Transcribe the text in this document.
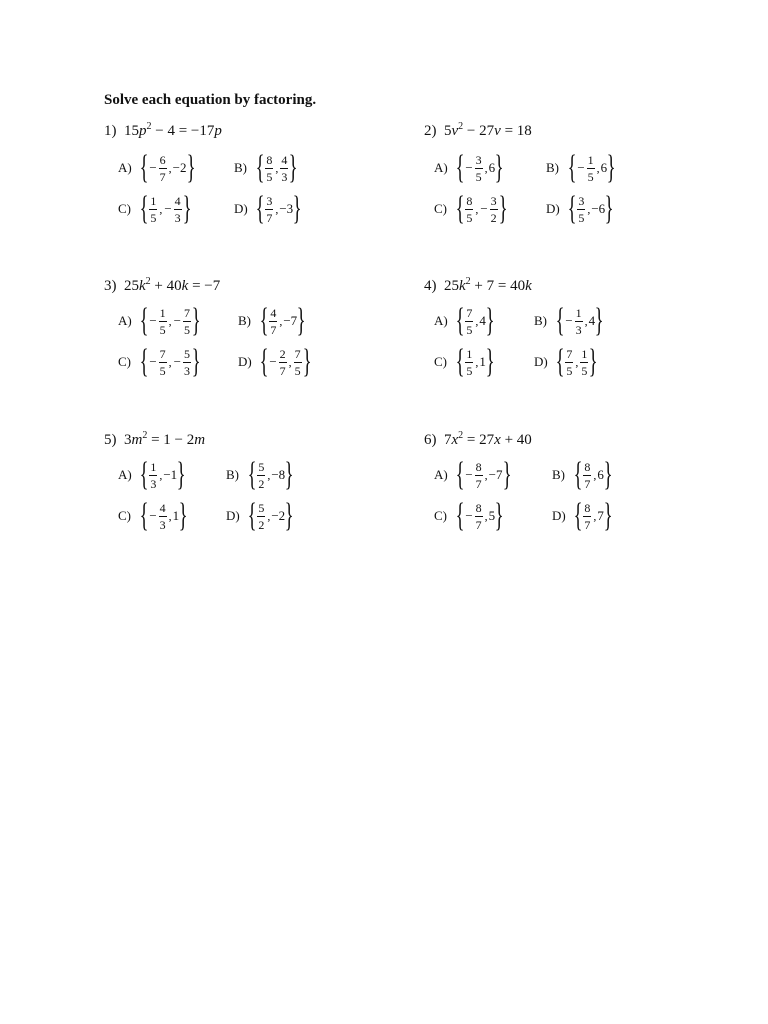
Solve each equation by factoring.
1) $15p^2 - 4 = -17p$
A) { − $\frac{6}{7}$ , −2 }	B) { $\frac{8}{5}$ , $\frac{4}{3}$ }
C) { $\frac{1}{5}$ , − $\frac{4}{3}$ }	D) { $\frac{3}{7}$ , −3 }
2) $5v^2 - 27v = 18$
A) { − $\frac{3}{5}$ , 6 }	B) { − $\frac{1}{5}$ , 6 }
C) { $\frac{8}{5}$ , − $\frac{3}{2}$ }	D) { $\frac{3}{5}$ , −6 }
3) $25k^2 + 40k = -7$
A) { − $\frac{1}{5}$ , − $\frac{7}{5}$ }	B) { $\frac{4}{7}$ , −7 }
C) { − $\frac{7}{5}$ , − $\frac{5}{3}$ }	D) { − $\frac{2}{7}$ , $\frac{7}{5}$ }
4) $25k^2 + 7 = 40k$
A) { $\frac{7}{5}$ , 4 }	B) { − $\frac{1}{3}$ , 4 }
C) { $\frac{1}{5}$ , 1 }	D) { $\frac{7}{5}$ , $\frac{1}{5}$ }
5) $3m^2 = 1 - 2m$
A) { $\frac{1}{3}$ , −1 }	B) { $\frac{5}{2}$ , −8 }
C) { − $\frac{4}{3}$ , 1 }	D) { $\frac{5}{2}$ , −2 }
6) $7x^2 = 27x + 40$
A) { − $\frac{8}{7}$ , −7 }	B) { $\frac{8}{7}$ , 6 }
C) { − $\frac{8}{7}$ , 5 }	D) { $\frac{8}{7}$ , 7 }
